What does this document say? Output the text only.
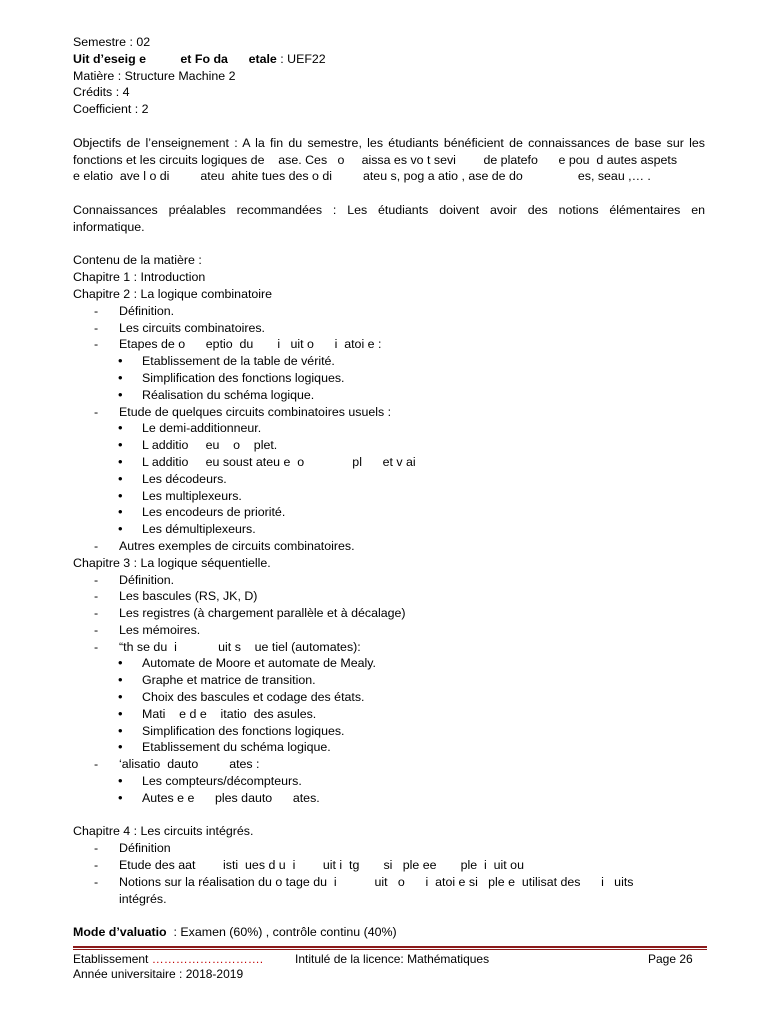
Semestre : 02
Uit d’eseig e          et Fo da      etale : UEF22
Matière : Structure Machine 2
Crédits : 4
Coefficient : 2
Objectifs de l’enseignement : A la fin du semestre, les étudiants bénéficient de connaissances de base sur les
fonctions et les circuits logiques de    ase. Ces   o     aissa es vo t sevi        de platefo      e pou  d autes aspets
e elatio  ave l o di         ateu  ahite tues des o di         ateu s, pog a atio , ase de do                es, seau ,… .
Connaissances préalables recommandées : Les étudiants doivent avoir des notions élémentaires en
informatique.
Contenu de la matière :
Chapitre 1 : Introduction
Chapitre 2 : La logique combinatoire
- Définition.
- Les circuits combinatoires.
- Etapes de o      eptio  du       i   uit o      i  atoi e :
• Etablissement de la table de vérité.
• Simplification des fonctions logiques.
• Réalisation du schéma logique.
- Etude de quelques circuits combinatoires usuels :
• Le demi-additionneur.
• L additio     eu    o    plet.
• L additio     eu soust ateu e  o              pl      et v ai
• Les décodeurs.
• Les multiplexeurs.
• Les encodeurs de priorité.
• Les démultiplexeurs.
- Autres exemples de circuits combinatoires.
Chapitre 3 : La logique séquentielle.
- Définition.
- Les bascules (RS, JK, D)
- Les registres (à chargement parallèle et à décalage)
- Les mémoires.
- “th se du  i            uit s    ue tiel (automates):
• Automate de Moore et automate de Mealy.
• Graphe et matrice de transition.
• Choix des bascules et codage des états.
• Mati    e d e    itatio  des asules.
• Simplification des fonctions logiques.
• Etablissement du schéma logique.
- ‘alisatio  dauto         ates :
• Les compteurs/décompteurs.
• Autes e e      ples dauto      ates.
Chapitre 4 : Les circuits intégrés.
- Définition
- Etude des aat        isti  ues d u  i        uit i  tg       si   ple ee       ple  i  uit ou
- Notions sur la réalisation du o tage du  i           uit   o      i  atoi e si   ple e  utilisat des      i   uits
intégrés.
Mode d’valuatio  : Examen (60%) , contrôle continu (40%)
Etablissement ……………………….	Intitulé de la licence: Mathématiques	Page 26
Année universitaire : 2018-2019
